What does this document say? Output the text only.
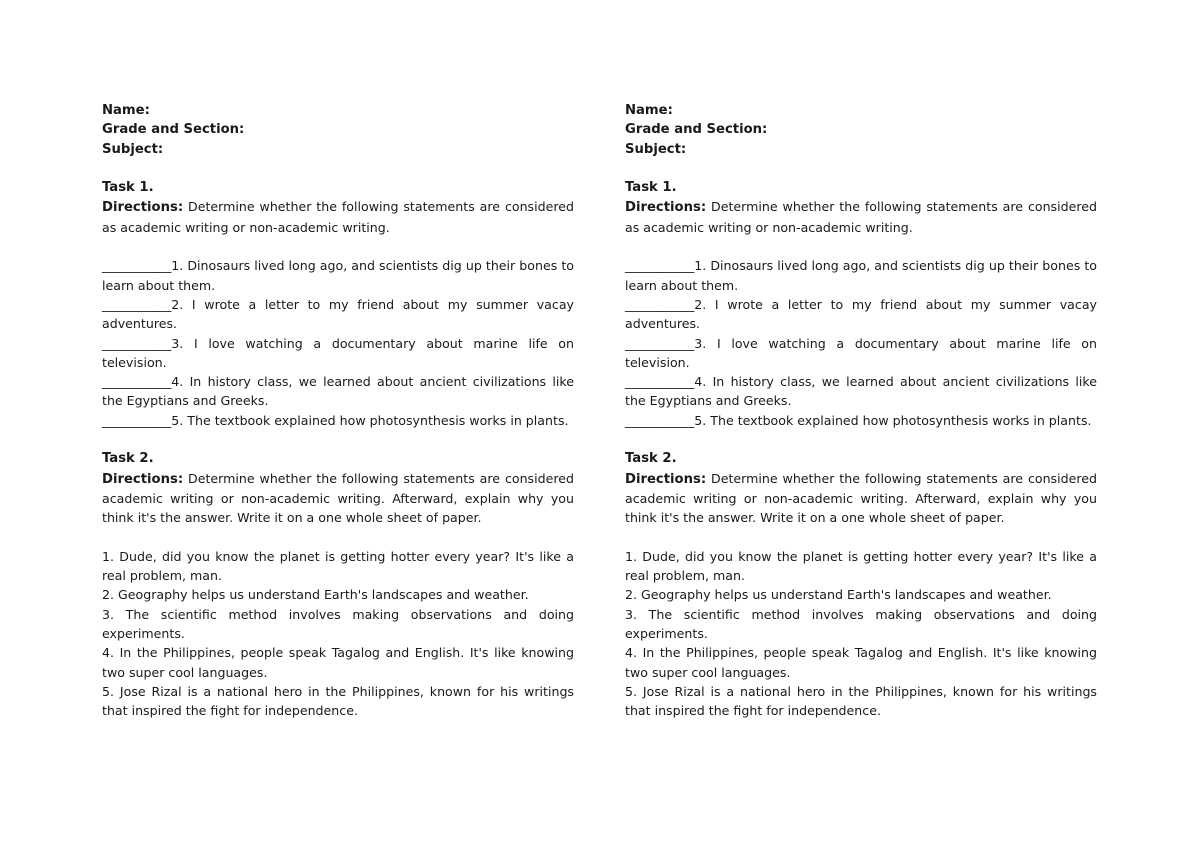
Name:
Grade and Section:
Subject:
Task 1.
Directions: Determine whether the following statements are considered as academic writing or non-academic writing.
___________1. Dinosaurs lived long ago, and scientists dig up their bones to learn about them.
___________2. I wrote a letter to my friend about my summer vacay adventures.
___________3. I love watching a documentary about marine life on television.
___________4. In history class, we learned about ancient civilizations like the Egyptians and Greeks.
___________5. The textbook explained how photosynthesis works in plants.
Task 2.
Directions: Determine whether the following statements are considered academic writing or non-academic writing. Afterward, explain why you think it's the answer. Write it on a one whole sheet of paper.
1. Dude, did you know the planet is getting hotter every year? It's like a real problem, man.
2. Geography helps us understand Earth's landscapes and weather.
3. The scientific method involves making observations and doing experiments.
4. In the Philippines, people speak Tagalog and English. It's like knowing two super cool languages.
5. Jose Rizal is a national hero in the Philippines, known for his writings that inspired the fight for independence.
Name:
Grade and Section:
Subject:
Task 1.
Directions: Determine whether the following statements are considered as academic writing or non-academic writing.
___________1. Dinosaurs lived long ago, and scientists dig up their bones to learn about them.
___________2. I wrote a letter to my friend about my summer vacay adventures.
___________3. I love watching a documentary about marine life on television.
___________4. In history class, we learned about ancient civilizations like the Egyptians and Greeks.
___________5. The textbook explained how photosynthesis works in plants.
Task 2.
Directions: Determine whether the following statements are considered academic writing or non-academic writing. Afterward, explain why you think it's the answer. Write it on a one whole sheet of paper.
1. Dude, did you know the planet is getting hotter every year? It's like a real problem, man.
2. Geography helps us understand Earth's landscapes and weather.
3. The scientific method involves making observations and doing experiments.
4. In the Philippines, people speak Tagalog and English. It's like knowing two super cool languages.
5. Jose Rizal is a national hero in the Philippines, known for his writings that inspired the fight for independence.
